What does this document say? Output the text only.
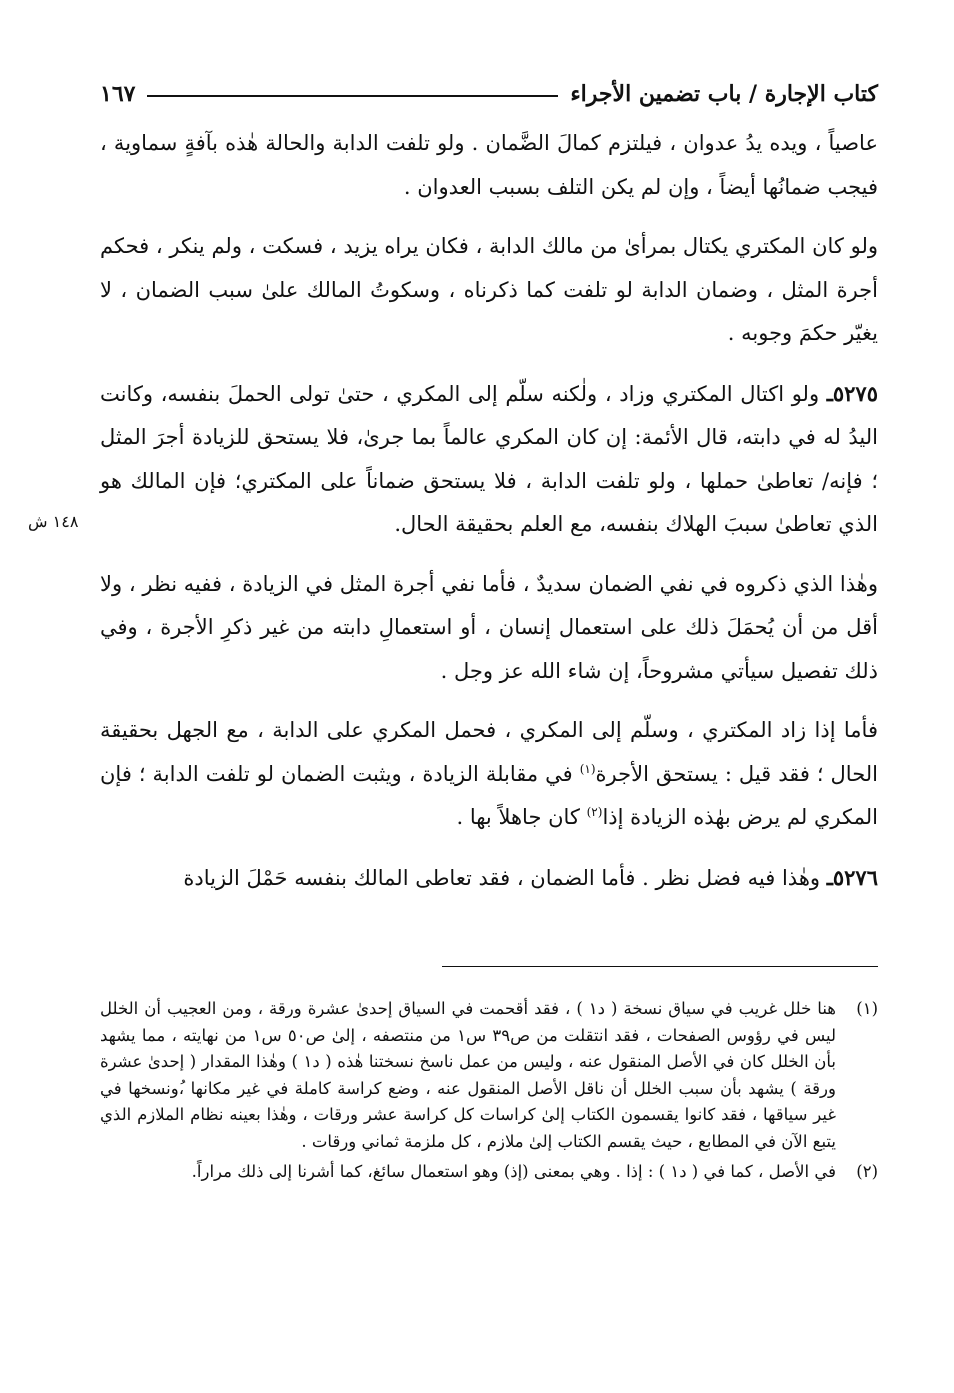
كتاب الإجارة / باب تضمين الأجراء
١٦٧

عاصياً ، ويده يدُ عدوان ، فيلتزم كمالَ الضَّمان . ولو تلفت الدابة والحالة هٰذه بآفةٍ سماوية ، فيجب ضمانُها أيضاً ، وإن لم يكن التلف بسبب العدوان .

ولو كان المكتري يكتال بمرأىٰ من مالك الدابة ، فكان يراه يزيد ، فسكت ، ولم ينكر ، فحكم أجرة المثل ، وضمان الدابة لو تلفت كما ذكرناه ، وسكوتُ المالك علىٰ سبب الضمان ، لا يغيّر حكمَ وجوبه .

٥٢٧٥ـ ولو اكتال المكتري وزاد ، ولٰكنه سلّم إلى المكري ، حتىٰ تولى الحملَ بنفسه، وكانت اليدُ له في دابته، قال الأئمة: إن كان المكري عالماً بما جرىٰ، فلا يستحق للزيادة أجرَ المثل ؛ فإنه/ تعاطىٰ حملها ، ولو تلفت الدابة ، فلا يستحق ضماناً على المكتري؛ فإن المالك هو الذي تعاطىٰ سببَ الهلاك بنفسه، مع العلم بحقيقة الحال.

وهٰذا الذي ذكروه في نفي الضمان سديدٌ ، فأما نفي أجرة المثل في الزيادة ، ففيه نظر ، ولا أقل من أن يُحمَلَ ذلك على استعمال إنسان ، أو استعمالِ دابته من غير ذكرِ الأجرة ، وفي ذلك تفصيل سيأتي مشروحاً، إن شاء الله عز وجل .

فأما إذا زاد المكتري ، وسلّم إلى المكري ، فحمل المكري على الدابة ، مع الجهل بحقيقة الحال ؛ فقد قيل : يستحق الأجرة$^{(١)}$ في مقابلة الزيادة ، ويثبت الضمان لو تلفت الدابة ؛ فإن المكري لم يرض بهٰذه الزيادة إذا$^{(٢)}$ كان جاهلاً بها .

٥٢٧٦ـ وهٰذا فيه فضل نظر . فأما الضمان ، فقد تعاطى المالك بنفسه حَمْلَ الزيادة

١٤٨ ش
(١)

هنا خلل غريب في سياق نسخة ( د١ ) ، فقد أقحمت في السياق إحدىٰ عشرة ورقة ، ومن العجيب أن الخلل ليس في رؤوس الصفحات ، فقد انتقلت من ص٣٩ س١ من منتصفه ، إلىٰ ص٥٠ س١ من نهايته ، مما يشهد بأن الخلل كان في الأصل المنقول عنه ، وليس من عمل ناسخ نسختنا هٰذه ( د١ ) وهٰذا المقدار ( إحدىٰ عشرة ورقة ) يشهد بأن سبب الخلل أن ناقل الأصل المنقول عنه ، وضع كراسة كاملة في غير مكانها ،ُونسخها في غير سياقها ، فقد كانوا يقسمون الكتاب إلىٰ كراسات كل كراسة عشر ورقات ، وهٰذا بعينه نظام الملازم الذي يتبع الآن في المطابع ، حيث يقسم الكتاب إلىٰ ملازم ، كل ملزمة ثماني ورقات .

(٢)

في الأصل ، كما في ( د١ ) : إذا . وهي بمعنى (إذ) وهو استعمال سائغ، كما أشرنا إلى ذلك مراراً.
